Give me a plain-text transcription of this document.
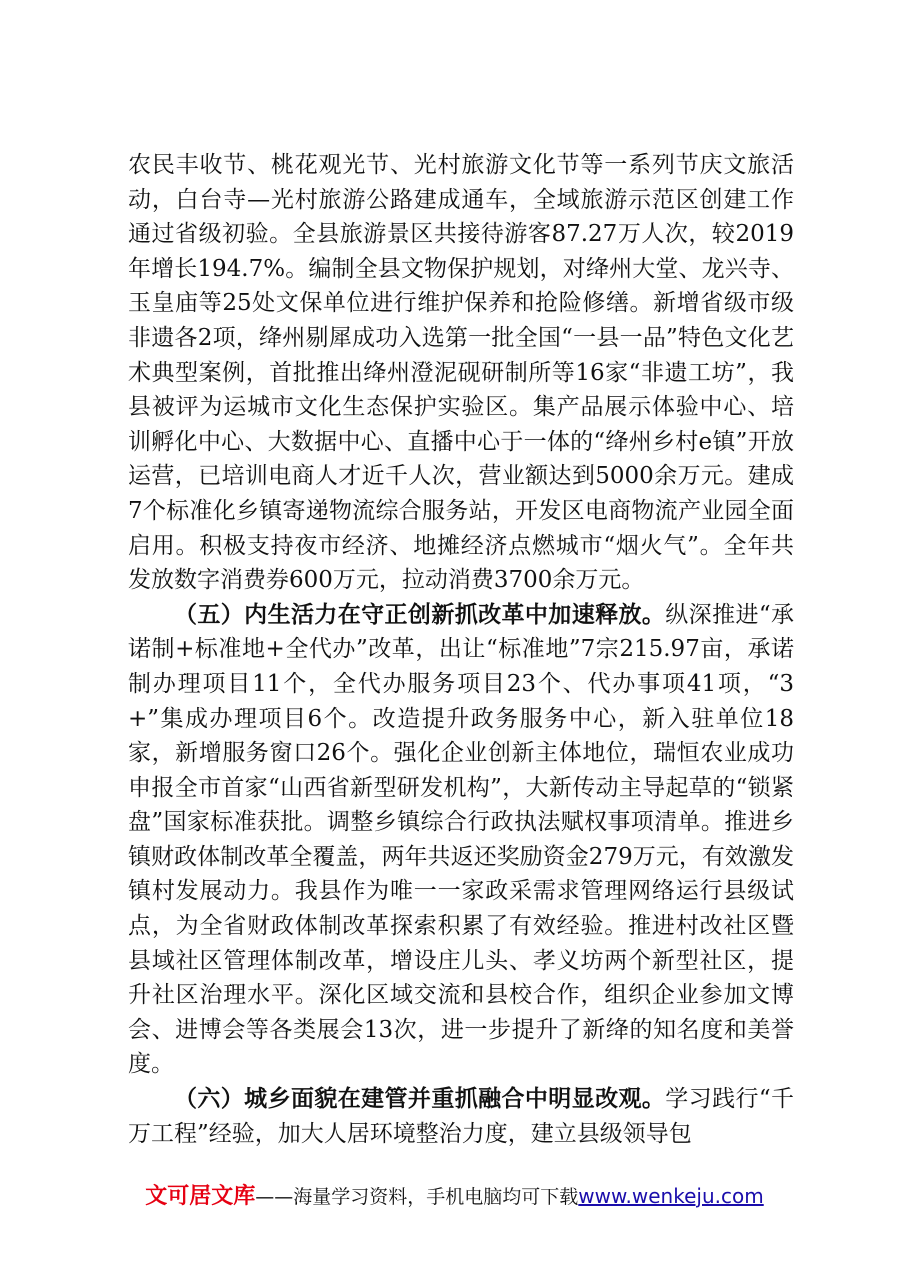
农民丰收节、桃花观光节、光村旅游文化节等一系列节庆文旅活动，白台寺—光村旅游公路建成通车，全域旅游示范区创建工作通过省级初验。全县旅游景区共接待游客87.27万人次，较2019年增长194.7%。编制全县文物保护规划，对绛州大堂、龙兴寺、玉皇庙等25处文保单位进行维护保养和抢险修缮。新增省级市级非遗各2项，绛州剔犀成功入选第一批全国“一县一品”特色文化艺术典型案例，首批推出绛州澄泥砚研制所等16家“非遗工坊”，我县被评为运城市文化生态保护实验区。集产品展示体验中心、培训孵化中心、大数据中心、直播中心于一体的“绛州乡村e镇”开放运营，已培训电商人才近千人次，营业额达到5000余万元。建成7个标准化乡镇寄递物流综合服务站，开发区电商物流产业园全面启用。积极支持夜市经济、地摊经济点燃城市“烟火气”。全年共发放数字消费券600万元，拉动消费3700余万元。

（五）内生活力在守正创新抓改革中加速释放。纵深推进“承诺制+标准地+全代办”改革，出让“标准地”7宗215.97亩，承诺制办理项目11个，全代办服务项目23个、代办事项41项，“3+”集成办理项目6个。改造提升政务服务中心，新入驻单位18家，新增服务窗口26个。强化企业创新主体地位，瑞恒农业成功申报全市首家“山西省新型研发机构”，大新传动主导起草的“锁紧盘”国家标准获批。调整乡镇综合行政执法赋权事项清单。推进乡镇财政体制改革全覆盖，两年共返还奖励资金279万元，有效激发镇村发展动力。我县作为唯一一家政采需求管理网络运行县级试点，为全省财政体制改革探索积累了有效经验。推进村改社区暨县域社区管理体制改革，增设庄儿头、孝义坊两个新型社区，提升社区治理水平。深化区域交流和县校合作，组织企业参加文博会、进博会等各类展会13次，进一步提升了新绛的知名度和美誉度。

（六）城乡面貌在建管并重抓融合中明显改观。学习践行“千万工程”经验，加大人居环境整治力度，建立县级领导包

文可居文库——海量学习资料，手机电脑均可下载www.wenkeju.com
